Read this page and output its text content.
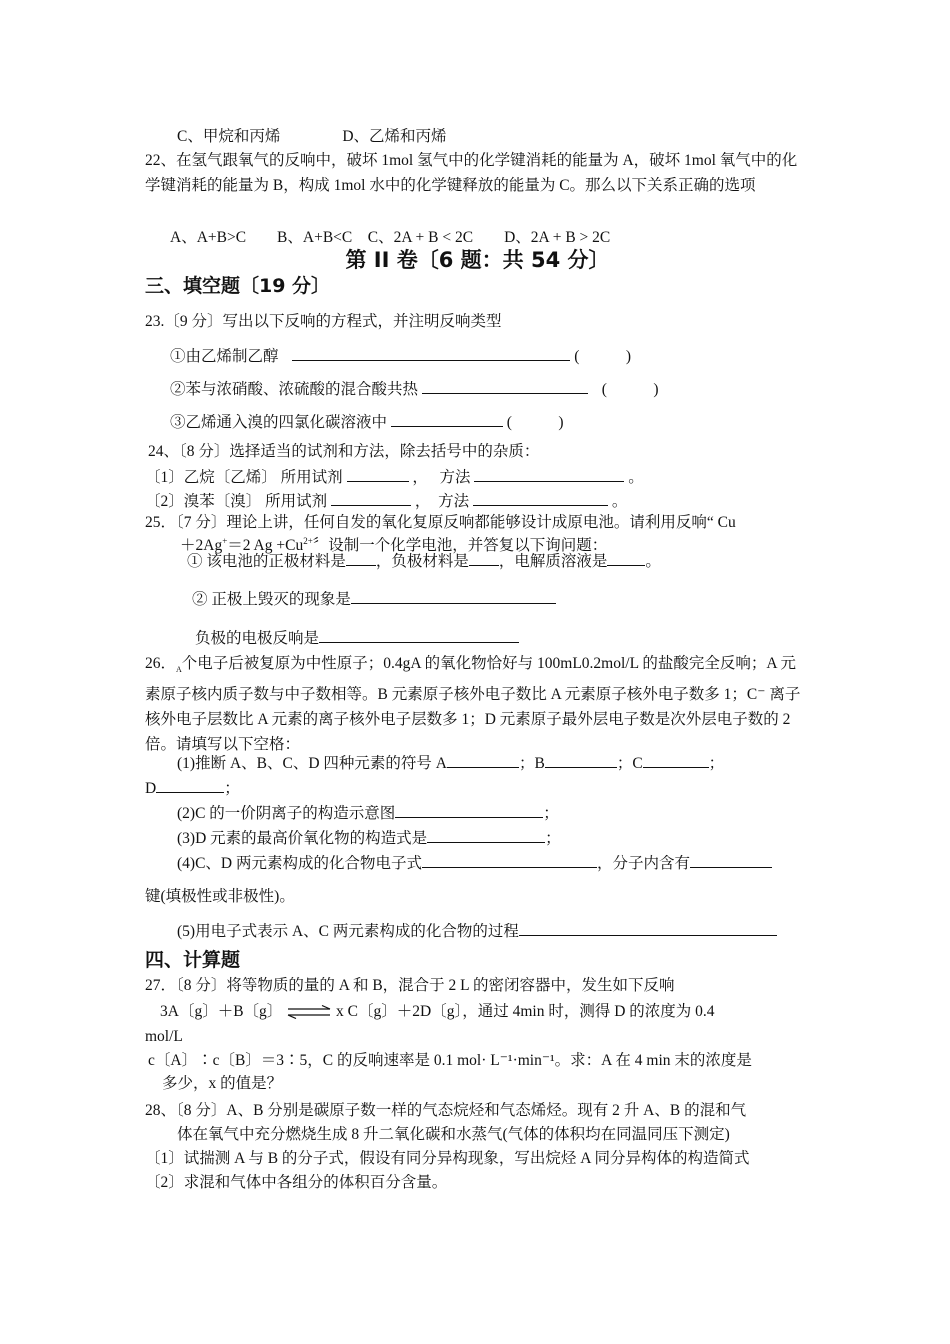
C、甲烷和丙烯　　　　D、乙烯和丙烯
22、在氢气跟氧气的反响中，破坏 1mol 氢气中的化学键消耗的能量为 A，破坏 1mol 氧气中的化学键消耗的能量为 B，构成 1mol 水中的化学键释放的能量为 C。那么以下关系正确的选项
A、A+B>C　　B、A+B<C　C、2A + B < 2C　　D、2A + B > 2C
第 II 卷〔6 题：共 54 分〕
三、填空题〔19 分〕
23.〔9 分〕写出以下反响的方程式，并注明反响类型
①由乙烯制乙醇	(　　　)
②苯与浓硝酸、浓硫酸的混合酸共热	(　　　)
③乙烯通入溴的四氯化碳溶液中	(　　　)
24、〔8 分〕选择适当的试剂和方法，除去括号中的杂质：
〔1〕乙烷〔乙烯〕 所用试剂	，　 方法	。
〔2〕溴苯〔溴〕 所用试剂	，　方法	。
25．〔7 分〕理论上讲，任何自发的氧化复原反响都能够设计成原电池。请利用反响“ Cu
＋2Ag+＝2 $Ag +Cu^{2+}$〞设制一个化学电池，并答复以下询问题：
① 该电池的正极材料是 ，负极材料是 ，电解质溶液是 。
② 正极上毁灭的现象是
负极的电极反响是
26．$_A$个电子后被复原为中性原子；0.4gA 的氧化物恰好与 100mL0.2mol/L 的盐酸完全反响；A 元素原子核内质子数与中子数相等。B 元素原子核外电子数比 A 元素原子核外电子数多 1；C⁻ 离子核外电子层数比 A 元素的离子核外电子层数多 1；D 元素原子最外层电子数是次外层电子数的 2 倍。请填写以下空格：
(1)推断 A、B、C、D 四种元素的符号 A	；B	；C	；
D	；
(2)C 的一价阴离子的构造示意图	；
(3)D 元素的最高价氧化物的构造式是	；
(4)C、D 两元素构成的化合物电子式	，分子内含有
键(填极性或非极性)。
(5)用电子式表示 A、C 两元素构成的化合物的过程
四、计算题
27．〔8 分〕将等物质的量的 A 和 B，混合于 2 L 的密闭容器中，发生如下反响
3A〔g〕＋B〔g〕 ⇌ x C〔g〕＋2D〔g〕，通过 4min 时，测得 D 的浓度为 0.4
mol/L
c〔A〕∶c〔B〕＝3∶5，C 的反响速率是 0.1 mol· L⁻¹·min⁻¹。求：A 在 4 min 末的浓度是
多少，x 的值是？
28、〔8 分〕A、B 分别是碳原子数一样的气态烷烃和气态烯烃。现有 2 升 A、B 的混和气
体在氧气中充分燃烧生成 8 升二氧化碳和水蒸气(气体的体积均在同温同压下测定)
〔1〕试揣测 A 与 B 的分子式，假设有同分异构现象，写出烷烃 A 同分异构体的构造简式
〔2〕求混和气体中各组分的体积百分含量。
